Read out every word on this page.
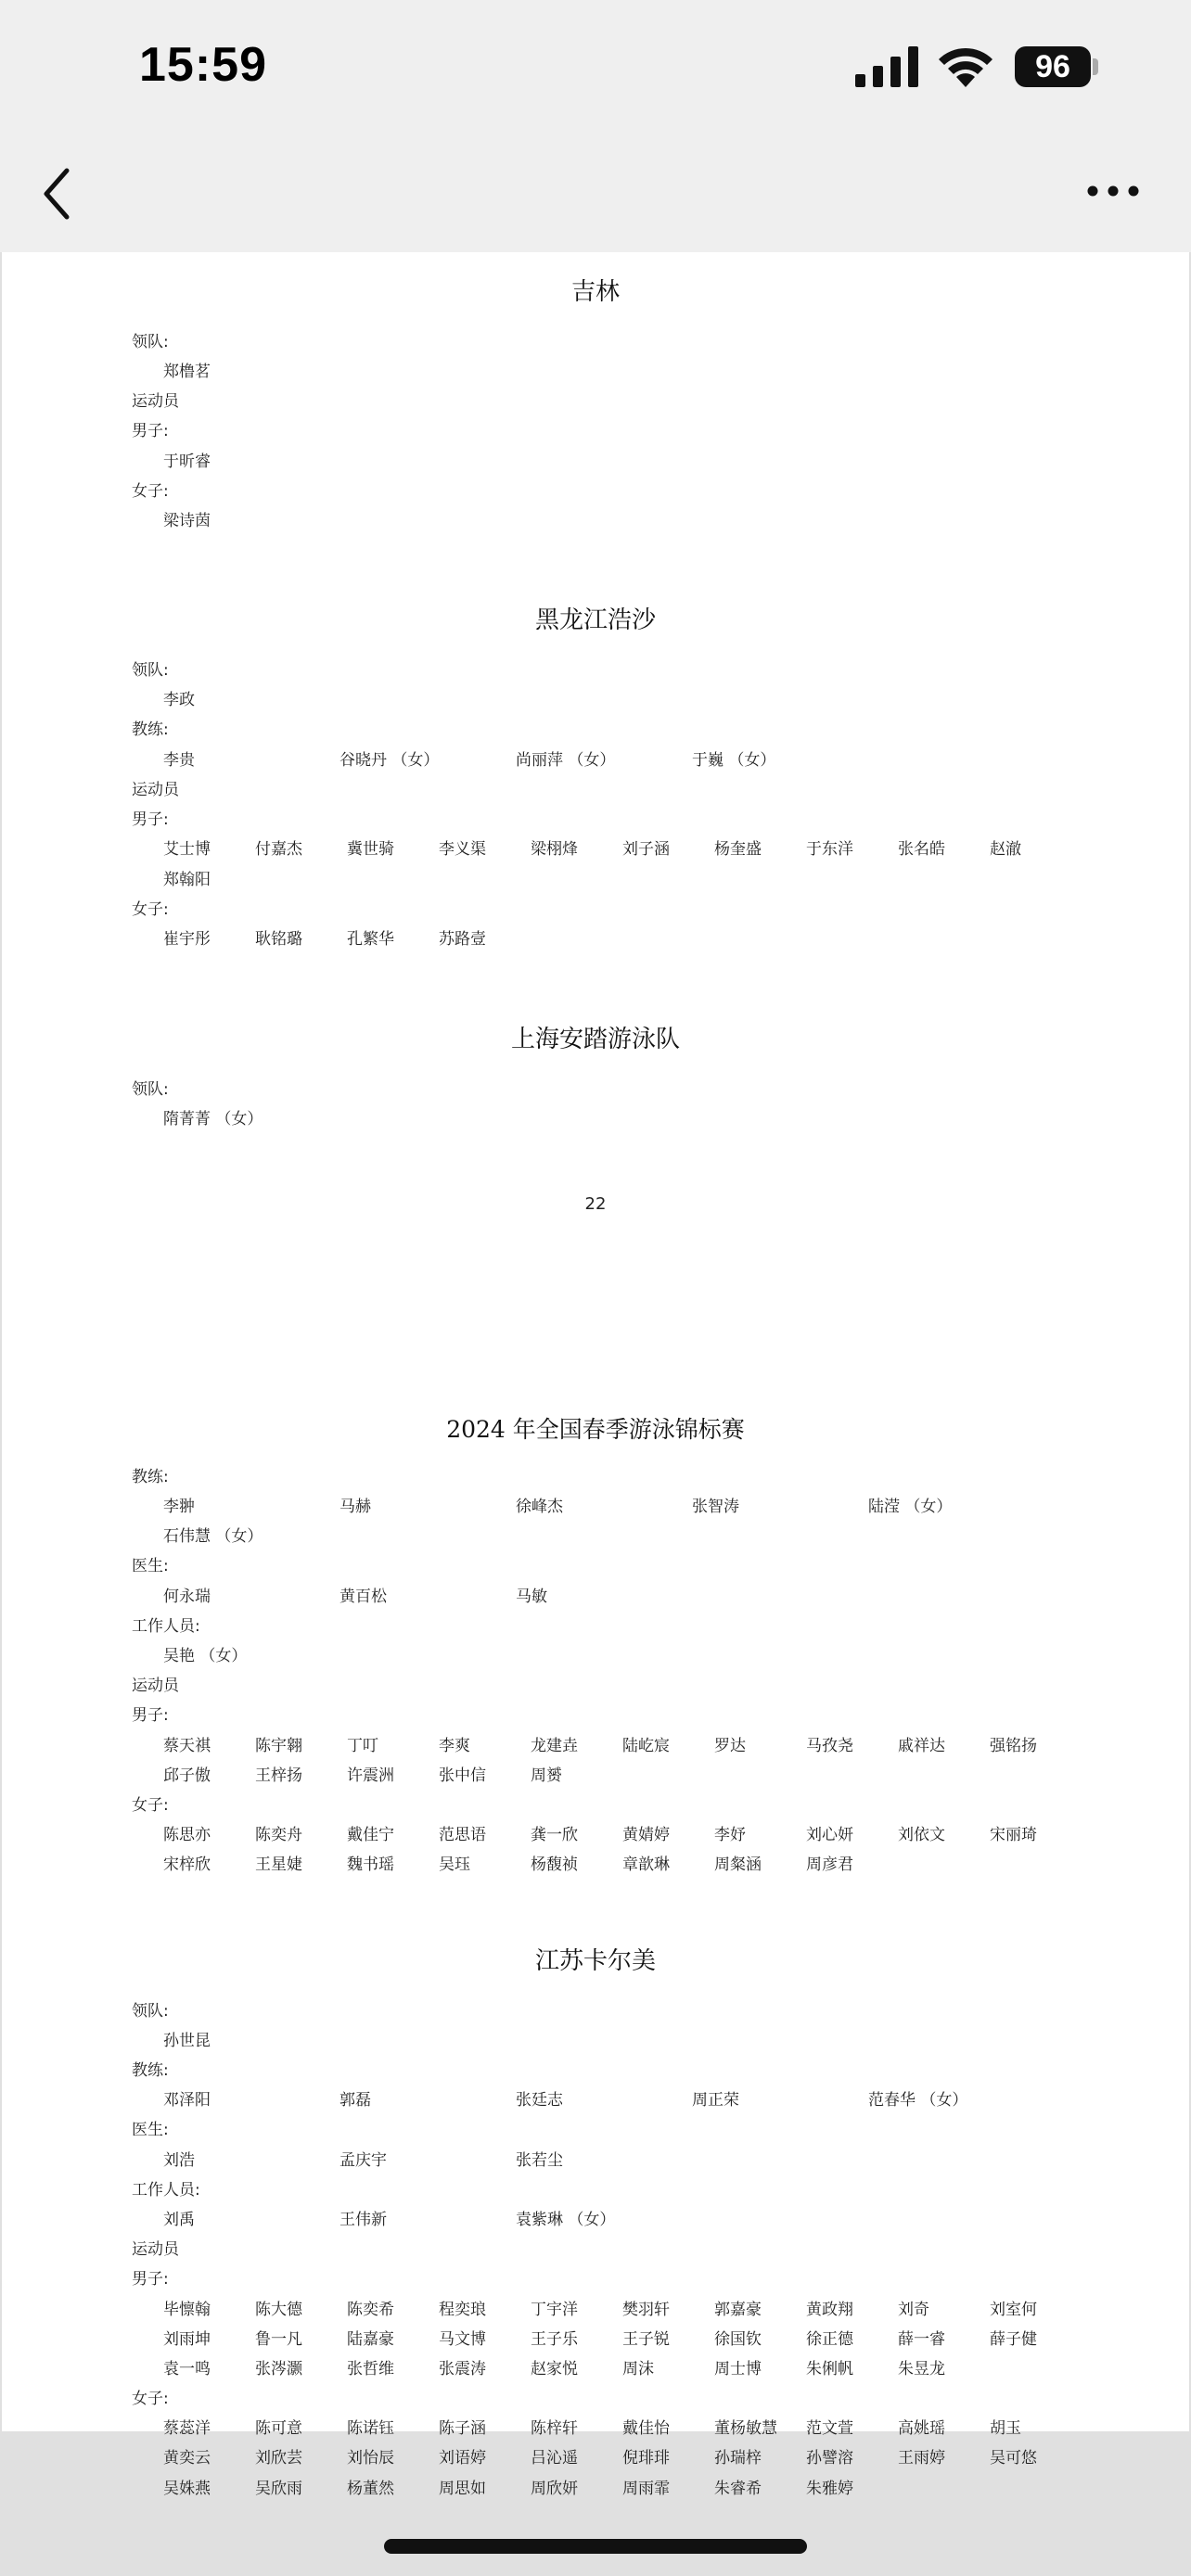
15:59	96
吉林
领队:
郑橹茗
运动员
男子:
于昕睿
女子:
梁诗茵
黑龙江浩沙
领队:
李政
教练:
李贵	谷晓丹 （女）	尚丽萍 （女）	于巍 （女）
运动员
男子:
艾士博	付嘉杰	冀世骑	李义渠	梁栩烽	刘子涵	杨奎盛	于东洋	张名皓	赵澈
郑翰阳
女子:
崔宇彤	耿铭璐	孔繁华	苏路壹
上海安踏游泳队
领队:
隋菁菁 （女）
22
2024 年全国春季游泳锦标赛
教练:
李翀	马赫	徐峰杰	张智涛	陆滢 （女）
石伟慧 （女）
医生:
何永瑞	黄百松	马敏
工作人员:
吴艳 （女）
运动员
男子:
蔡天祺	陈宇翱	丁叮	李爽	龙建垚	陆屹宸	罗达	马孜尧	戚祥达	强铭扬
邱子傲	王梓扬	许震洲	张中信	周赟
女子:
陈思亦	陈奕舟	戴佳宁	范思语	龚一欣	黄婧婷	李妤	刘心妍	刘依文	宋丽琦
宋梓欣	王星婕	魏书瑶	吴珏	杨馥祯	章歆琳	周粲涵	周彦君
江苏卡尔美
领队:
孙世昆
教练:
邓泽阳	郭磊	张廷志	周正荣	范春华 （女）
医生:
刘浩	孟庆宇	张若尘
工作人员:
刘禹	王伟新	袁紫琳 （女）
运动员
男子:
毕懔翰	陈大德	陈奕希	程奕琅	丁宇洋	樊羽轩	郭嘉豪	黄政翔	刘奇	刘室何
刘雨坤	鲁一凡	陆嘉豪	马文博	王子乐	王子锐	徐国钦	徐正德	薛一睿	薛子健
袁一鸣	张涔灏	张哲维	张震涛	赵家悦	周沫	周士博	朱俐帆	朱昱龙
女子:
蔡蕊洋	陈可意	陈诺钰	陈子涵	陈梓轩	戴佳怡	董杨敏慧 范文萱	高姚瑶	胡玉
黄奕云	刘欣芸	刘怡辰	刘语婷	吕沁遥	倪琲琲	孙瑞梓	孙譬溶	王雨婷	吴可悠
吴姝燕	吴欣雨	杨董然	周思如	周欣妍	周雨霏	朱睿希	朱雅婷
